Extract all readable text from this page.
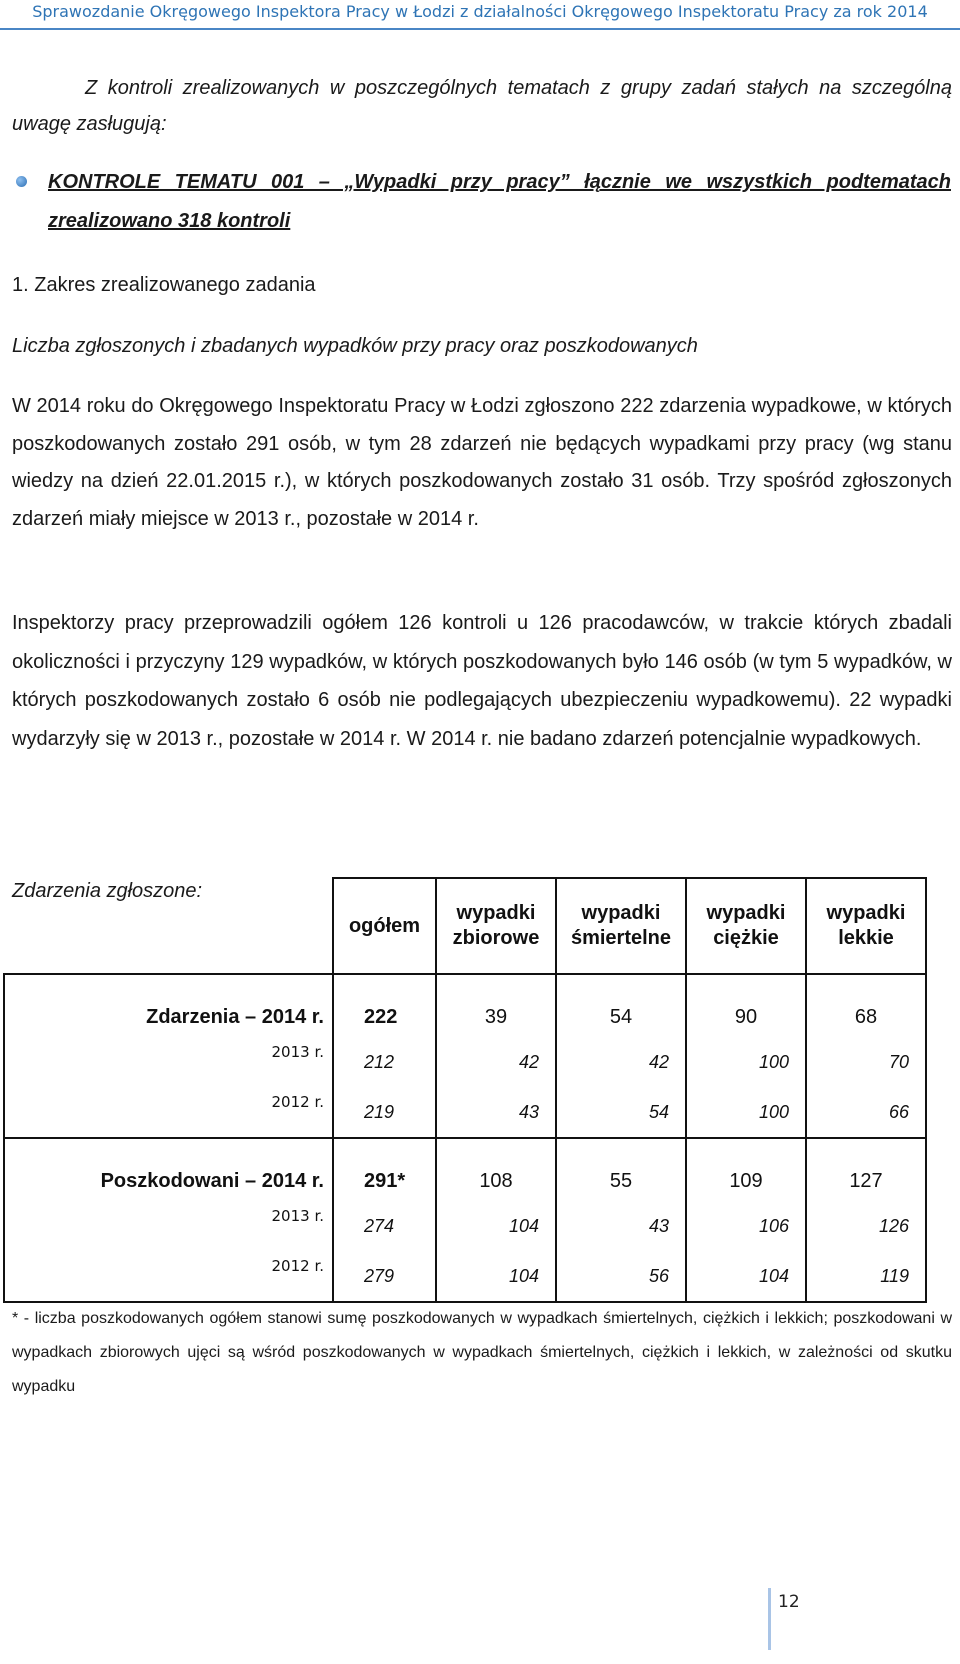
Sprawozdanie Okręgowego Inspektora Pracy w Łodzi z działalności Okręgowego Inspektoratu Pracy za rok 2014
Z kontroli zrealizowanych w poszczególnych tematach z grupy zadań stałych na szczególną uwagę zasługują:
KONTROLE TEMATU 001 – „Wypadki przy pracy” łącznie we wszystkich podtematach zrealizowano 318 kontroli
1. Zakres zrealizowanego zadania
Liczba zgłoszonych i zbadanych wypadków przy pracy oraz poszkodowanych
W 2014 roku do Okręgowego Inspektoratu Pracy w Łodzi zgłoszono 222 zdarzenia wypadkowe, w których poszkodowanych zostało 291 osób, w tym 28 zdarzeń nie będących wypadkami przy pracy (wg stanu wiedzy na dzień 22.01.2015 r.), w których poszkodowanych zostało 31 osób. Trzy spośród zgłoszonych zdarzeń miały miejsce w 2013 r., pozostałe w 2014 r.
Inspektorzy pracy przeprowadzili ogółem 126 kontroli u 126 pracodawców, w trakcie których zbadali okoliczności i przyczyny 129 wypadków, w których poszkodowanych było 146 osób (w tym 5 wypadków, w których poszkodowanych zostało 6 osób nie podlegających ubezpieczeniu wypadkowemu). 22 wypadki wydarzyły się w 2013 r., pozostałe w 2014 r. W 2014 r. nie badano zdarzeń potencjalnie wypadkowych.
Zdarzenia zgłoszone:
	ogółem	wypadki zbiorowe	wypadki śmiertelne	wypadki ciężkie	wypadki lekkie
Zdarzenia – 2014 r.	222	39	54	90	68
2013 r.	212	42	42	100	70
2012 r.	219	43	54	100	66
Poszkodowani – 2014 r.	291*	108	55	109	127
2013 r.	274	104	43	106	126
2012 r.	279	104	56	104	119
* - liczba poszkodowanych ogółem stanowi sumę poszkodowanych w wypadkach śmiertelnych, ciężkich i lekkich; poszkodowani w wypadkach zbiorowych ujęci są wśród poszkodowanych w wypadkach śmiertelnych, ciężkich i lekkich, w zależności od skutku wypadku
12
